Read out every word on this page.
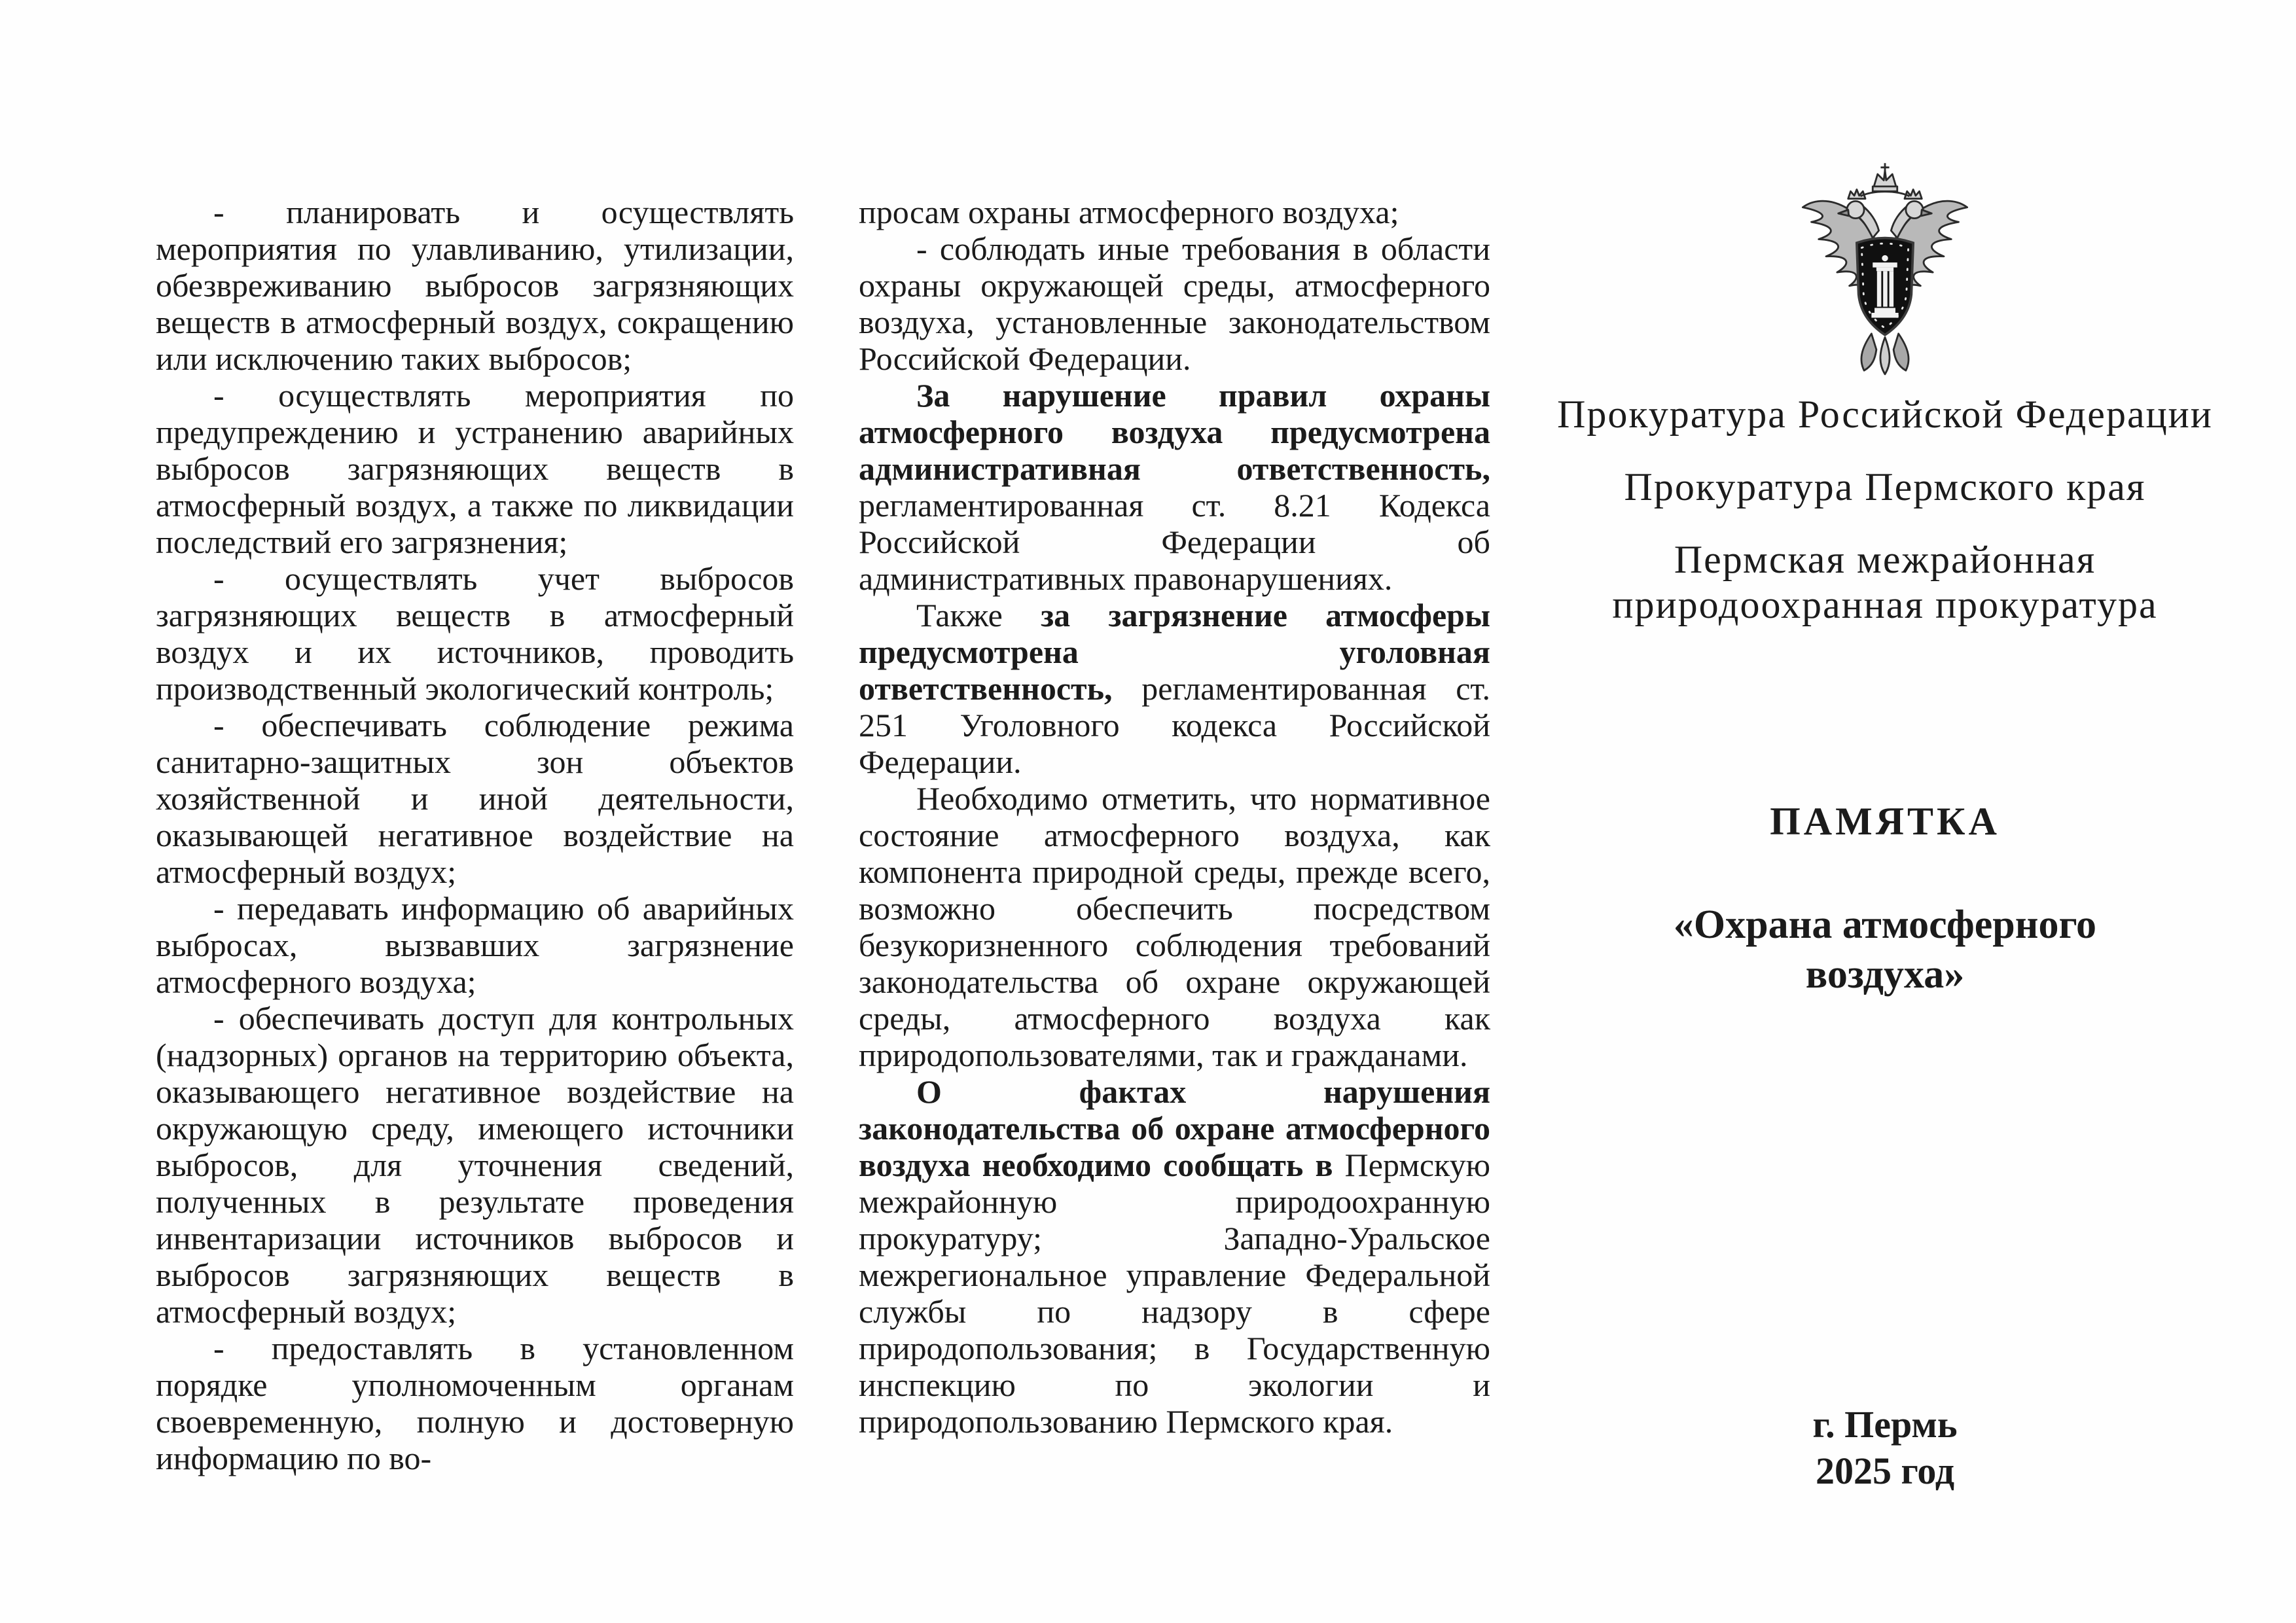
- планировать и осуществлять мероприятия по улавливанию, утилизации, обезвреживанию выбросов загрязняющих веществ в атмосферный воздух, сокращению или исключению таких выбросов;

- осуществлять мероприятия по предупреждению и устранению аварийных выбросов загрязняющих веществ в атмосферный воздух, а также по ликвидации последствий его загрязнения;

- осуществлять учет выбросов загрязняющих веществ в атмосферный воздух и их источников, проводить производственный экологический контроль;

- обеспечивать соблюдение режима санитарно-защитных зон объектов хозяйственной и иной деятельности, оказывающей негативное воздействие на атмосферный воздух;

- передавать информацию об аварийных выбросах, вызвавших загрязнение атмосферного воздуха;

- обеспечивать доступ для контрольных (надзорных) органов на территорию объекта, оказывающего негативное воздействие на окружающую среду, имеющего источники выбросов, для уточнения сведений, полученных в результате проведения инвентаризации источников выбросов и выбросов загрязняющих веществ в атмосферный воздух;

- предоставлять в установленном порядке уполномоченным органам своевременную, полную и достоверную информацию по во-

просам охраны атмосферного воздуха;

- соблюдать иные требования в области охраны окружающей среды, атмосферного воздуха, установленные законодательством Российской Федерации.

За нарушение правил охраны атмосферного воздуха предусмотрена административная ответственность, регламентированная ст. 8.21 Кодекса Российской Федерации об административных правонарушениях.

Также за загрязнение атмосферы предусмотрена уголовная ответственность, регламентированная ст. 251 Уголовного кодекса Российской Федерации.

Необходимо отметить, что нормативное состояние атмосферного воздуха, как компонента природной среды, прежде всего, возможно обеспечить посредством безукоризненного соблюдения требований законодательства об охране окружающей среды, атмосферного воздуха как природопользователями, так и гражданами.

О фактах нарушения законодательства об охране атмосферного воздуха необходимо сообщать в Пермскую межрайонную природоохранную прокуратуру; Западно-Уральское межрегиональное управление Федеральной службы по надзору в сфере природопользования; в Государственную инспекцию по экологии и природопользованию Пермского края.

Прокуратура Российской Федерации
Прокуратура Пермского края
Пермская межрайонная природоохранная прокуратура
ПАМЯТКА
«Охрана атмосферного воздуха»
г. Пермь
2025 год
